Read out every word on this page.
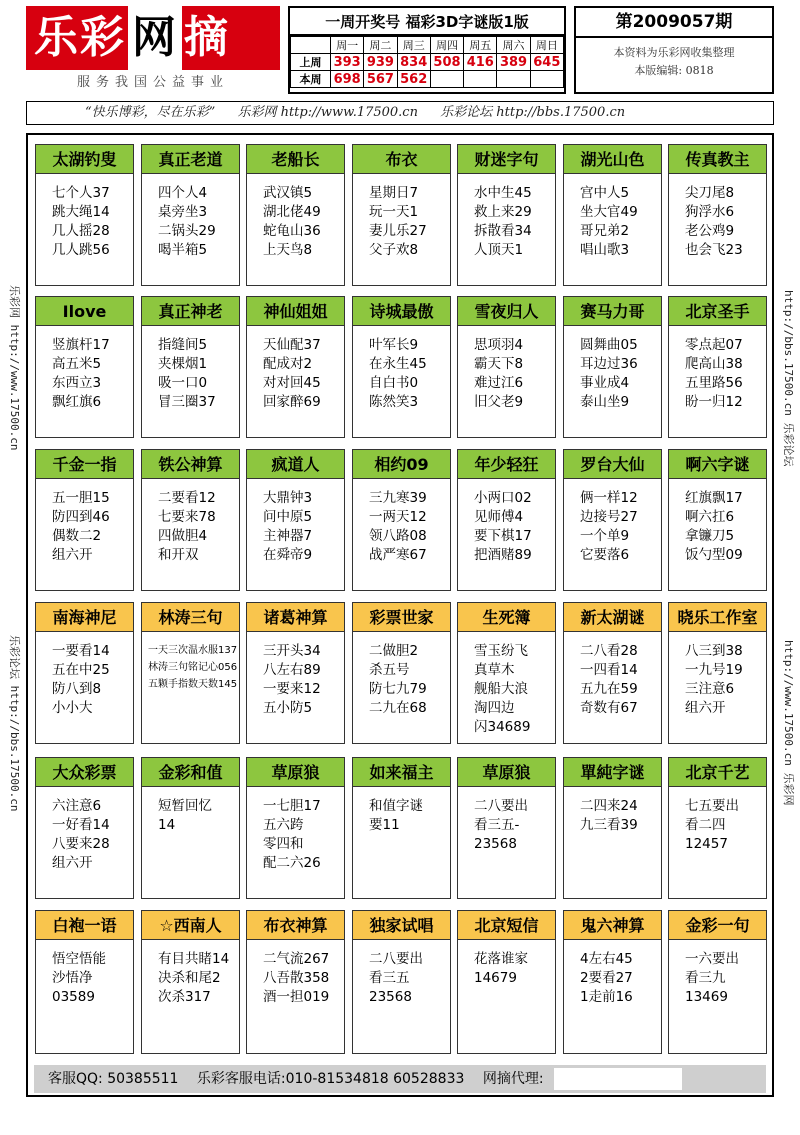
乐彩 网 摘
服务我国公益事业
一周开奖号 福彩3D字谜版1版
	周一	周二	周三	周四	周五	周六	周日
上周	393	939	834	508	416	389	645
本周	698	567	562				
第2009057期
本资料为乐彩网收集整理
本版编辑: 0818
“快乐博彩，尽在乐彩” 乐彩网 http://www.17500.cn 乐彩论坛 http://bbs.17500.cn
乐彩网 http://www.17500.cn
乐彩论坛 http://bbs.17500.cn
http://bbs.17500.cn 乐彩论坛
http://www.17500.cn 乐彩网
太湖钓叟
七个人37
跳大绳14
几人摇28
几人跳56
真正老道
四个人4
桌旁坐3
二锅头29
喝半箱5
老船长
武汉镇5
湖北佬49
蛇龟山36
上天鸟8
布衣
星期日7
玩一天1
妻儿乐27
父子欢8
财迷字句
水中生45
救上来29
拆散看34
人顶天1
湖光山色
宫中人5
坐大官49
哥兄弟2
唱山歌3
传真教主
尖刀尾8
狗浮水6
老公鸡9
也会飞23
Ilove
竖旗杆17
高五米5
东西立3
飘红旗6
真正神老
指缝间5
夹棵烟1
吸一口0
冒三圈37
神仙姐姐
天仙配37
配成对2
对对回45
回家醉69
诗城最傲
叶军长9
在永生45
自白书0
陈然笑3
雪夜归人
思项羽4
霸天下8
难过江6
旧父老9
赛马力哥
圆舞曲05
耳边过36
事业成4
泰山坐9
北京圣手
零点起07
爬高山38
五里路56
盼一归12
千金一指
五一胆15
防四到46
偶数二2
组六开
铁公神算
二要看12
七要来78
四做胆4
和开双
疯道人
大鼎钟3
问中原5
主神器7
在舜帝9
相约09
三九寒39
一两天12
领八路08
战严寒67
年少轻狂
小两口02
见师傅4
要下棋17
把酒赌89
罗台大仙
俩一样12
边接号27
一个单9
它要落6
啊六字谜
红旗飘17
啊六扛6
拿镰刀5
饭勺型09
南海神尼
一要看14
五在中25
防八到8
小小大
林涛三句
一天三次温水服137
林涛三句铭记心056
五颗手指数天数145
诸葛神算
三开头34
八左右89
一要来12
五小防5
彩票世家
二做胆2
杀五号
防七九79
二九在68
生死簿
雪玉纷飞
真草木
舰船大浪
淘四边
闪34689
新太湖谜
二八看28
一四看14
五九在59
奇数有67
晓乐工作室
八三到38
一九号19
三注意6
组六开
大众彩票
六注意6
一好看14
八要来28
组六开
金彩和值
短暂回忆
14
草原狼
一七胆17
五六跨
零四和
配二六26
如来福主
和值字谜
要11
草原狼
二八要出
看三五-
23568
單純字谜
二四来24
九三看39
北京千艺
七五要出
看二四
12457
白袍一语
悟空悟能
沙悟净
03589
☆西南人
有目共睹14
决杀和尾2
次杀317
布衣神算
二气流267
八吾散358
酒一担019
独家试唱
二八要出
看三五
23568
北京短信
花落谁家
14679
鬼六神算
4左右45
2要看27
1走前16
金彩一句
一六要出
看三九
13469
客服QQ: 50385511 乐彩客服电话:010-81534818 60528833 网摘代理:
